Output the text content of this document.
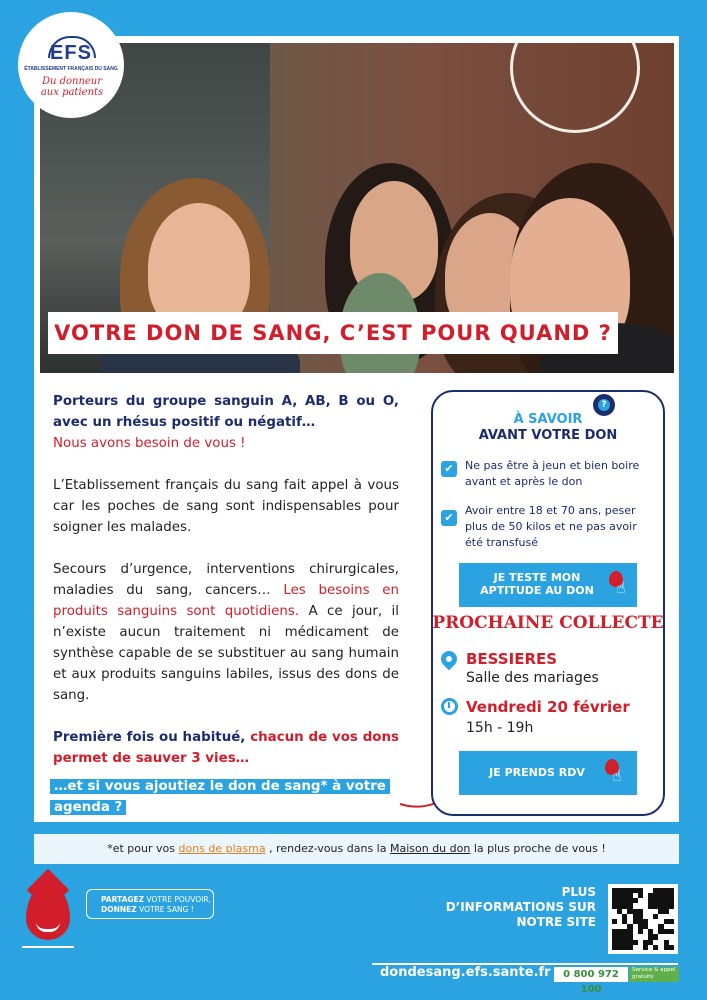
EFS
ÉTABLISSEMENT FRANÇAIS DU SANG
Du donneur aux patients
VOTRE DON DE SANG, C’EST POUR QUAND ?

Porteurs du groupe sanguin A, AB, B ou O, avec un rhésus positif ou négatif…
Nous avons besoin de vous !

L’Etablissement français du sang fait appel à vous car les poches de sang sont indispensables pour soigner les malades.

Secours d’urgence, interventions chirurgicales, maladies du sang, cancers… Les besoins en produits sanguins sont quotidiens. A ce jour, il n’existe aucun traitement ni médicament de synthèse capable de se substituer au sang humain et aux produits sanguins labiles, issus des dons de sang.

Première fois ou habitué, chacun de vos dons permet de sauver 3 vies…

…et si vous ajoutiez le don de sang* à votre agenda ?
?
À SAVOIR
AVANT VOTRE DON
✔	Ne pas être à jeun et bien boire avant et après le don
✔
Avoir entre 18 et 70 ans, peser plus de 50 kilos et ne pas avoir été transfusé
JE TESTE MON APTITUDE AU DON	☝
PROCHAINE COLLECTE
BESSIERES
Salle des mariages
Vendredi 20 février
15h - 19h
JE PRENDS RDV	☝
*et pour vos dons de plasma , rendez-vous dans la Maison du don la plus proche de vous !
PARTAGEZ VOTRE POUVOIR,
DONNEZ VOTRE SANG !
PLUS D’INFORMATIONS SUR NOTRE SITE
dondesang.efs.sante.fr	0 800 972 100
Service & appel gratuits
